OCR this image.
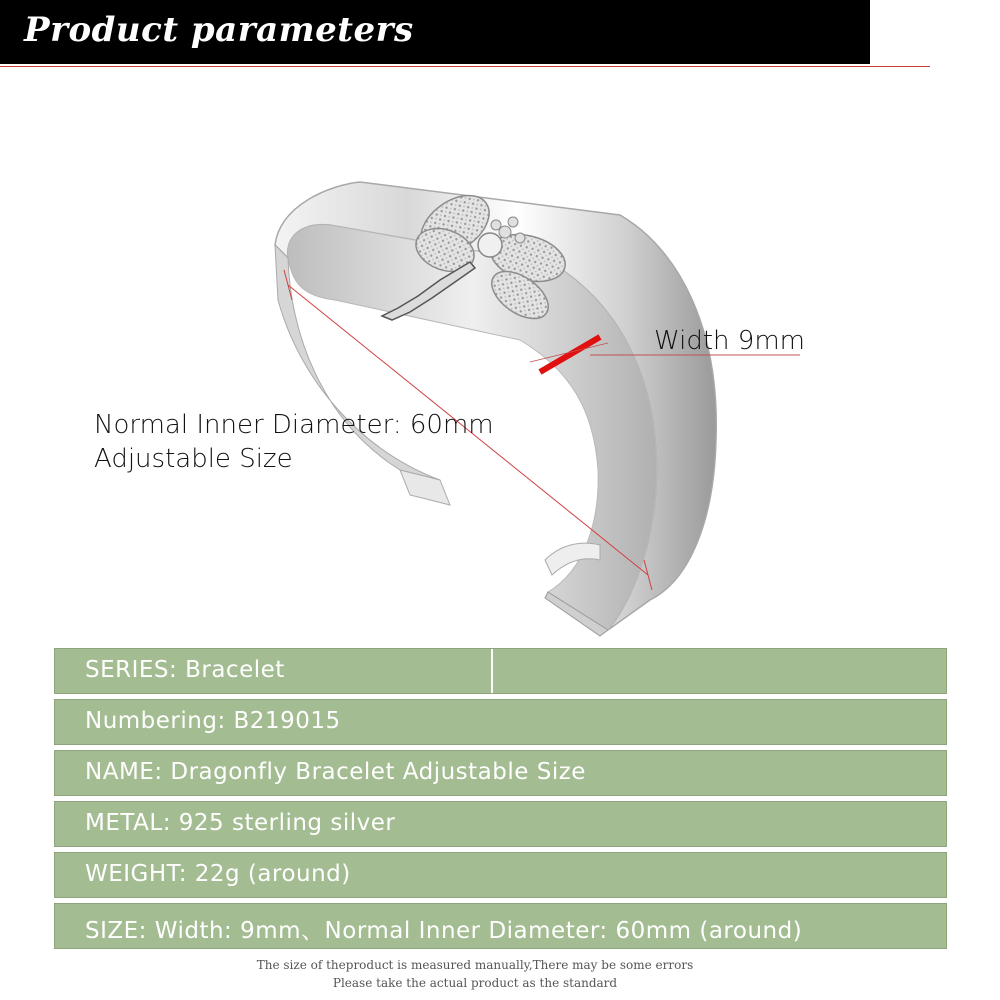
Product parameters
Width 9mm
Normal Inner Diameter: 60mm
Adjustable Size
SERIES: Bracelet
Numbering: B219015
NAME: Dragonfly Bracelet Adjustable Size
METAL: 925 sterling silver
WEIGHT: 22g (around)
SIZE: Width: 9mm、Normal Inner Diameter: 60mm (around)
The size of theproduct is measured manually,There may be some errors
Please take the actual product as the standard
